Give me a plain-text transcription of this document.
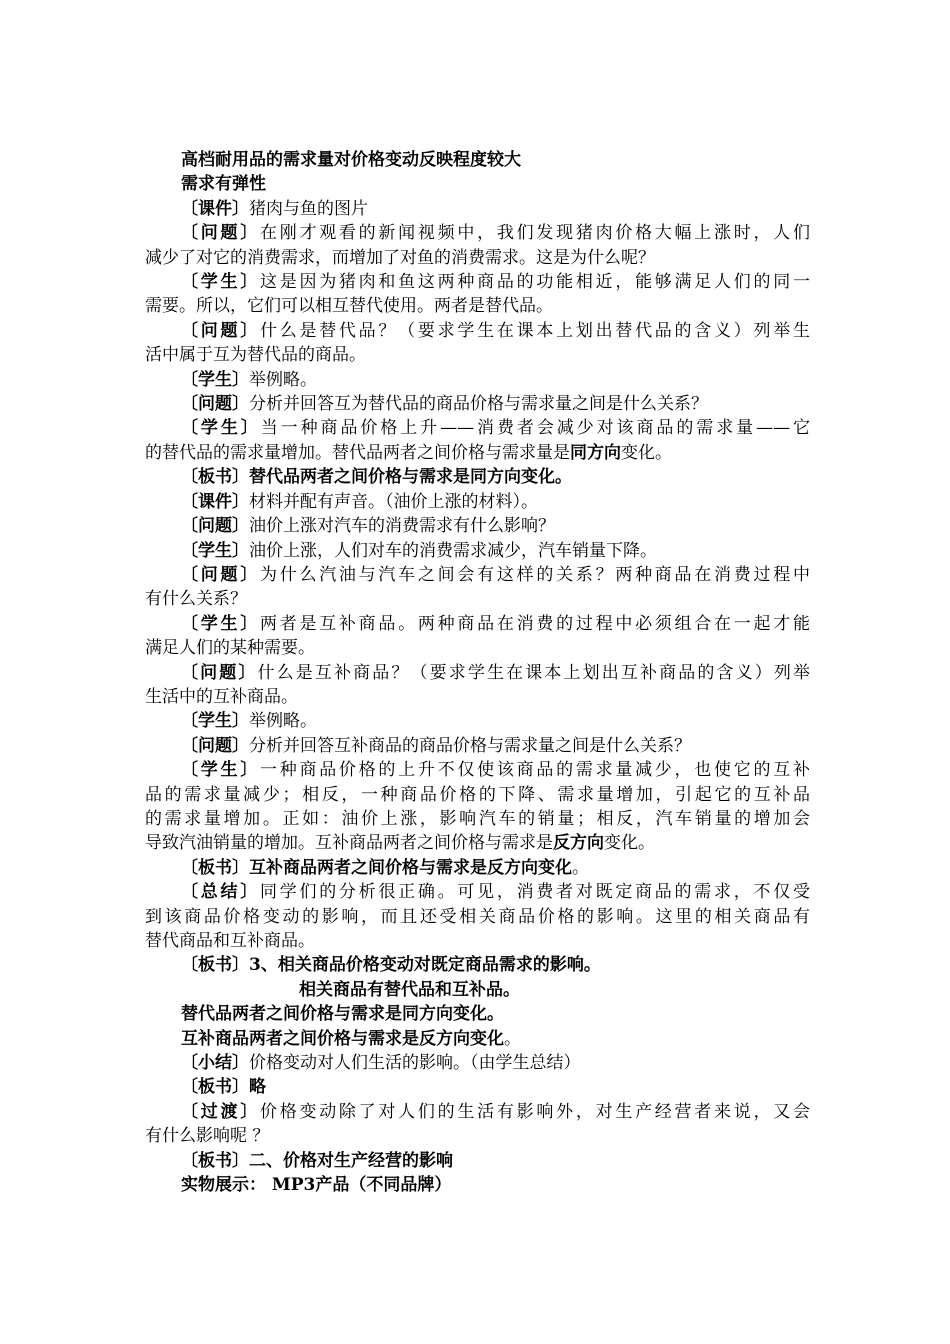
高档耐用品的需求量对价格变动反映程度较大
需求有弹性
〔课件〕猪肉与鱼的图片
〔问题〕在刚才观看的新闻视频中，我们发现猪肉价格大幅上涨时，人们
减少了对它的消费需求，而增加了对鱼的消费需求。这是为什么呢？
〔学生〕这是因为猪肉和鱼这两种商品的功能相近，能够满足人们的同一
需要。所以，它们可以相互替代使用。两者是替代品。
〔问题〕什么是替代品？（要求学生在课本上划出替代品的含义）列举生
活中属于互为替代品的商品。
〔学生〕举例略。
〔问题〕分析并回答互为替代品的商品价格与需求量之间是什么关系？
〔学生〕当一种商品价格上升——消费者会减少对该商品的需求量——它
的替代品的需求量增加。替代品两者之间价格与需求量是同方向变化。
〔板书〕替代品两者之间价格与需求是同方向变化。
〔课件〕材料并配有声音。（油价上涨的材料）。
〔问题〕油价上涨对汽车的消费需求有什么影响？
〔学生〕油价上涨，人们对车的消费需求减少，汽车销量下降。
〔问题〕为什么汽油与汽车之间会有这样的关系？两种商品在消费过程中
有什么关系？
〔学生〕两者是互补商品。两种商品在消费的过程中必须组合在一起才能
满足人们的某种需要。
〔问题〕什么是互补商品？（要求学生在课本上划出互补商品的含义）列举
生活中的互补商品。
〔学生〕举例略。
〔问题〕分析并回答互补商品的商品价格与需求量之间是什么关系？
〔学生〕一种商品价格的上升不仅使该商品的需求量减少，也使它的互补
品的需求量减少；相反，一种商品价格的下降、需求量增加，引起它的互补品
的需求量增加。正如：油价上涨，影响汽车的销量；相反，汽车销量的增加会
导致汽油销量的增加。互补商品两者之间价格与需求是反方向变化。
〔板书〕互补商品两者之间价格与需求是反方向变化。
〔总结〕同学们的分析很正确。可见，消费者对既定商品的需求，不仅受
到该商品价格变动的影响，而且还受相关商品价格的影响。这里的相关商品有
替代商品和互补商品。
〔板书〕3、相关商品价格变动对既定商品需求的影响。
相关商品有替代品和互补品。
替代品两者之间价格与需求是同方向变化。
互补商品两者之间价格与需求是反方向变化。
〔小结〕价格变动对人们生活的影响。（由学生总结）
〔板书〕略
〔过渡〕价格变动除了对人们的生活有影响外，对生产经营者来说，又会
有什么影响呢 ？
〔板书〕二、价格对生产经营的影响
实物展示： MP3产品（不同品牌）
